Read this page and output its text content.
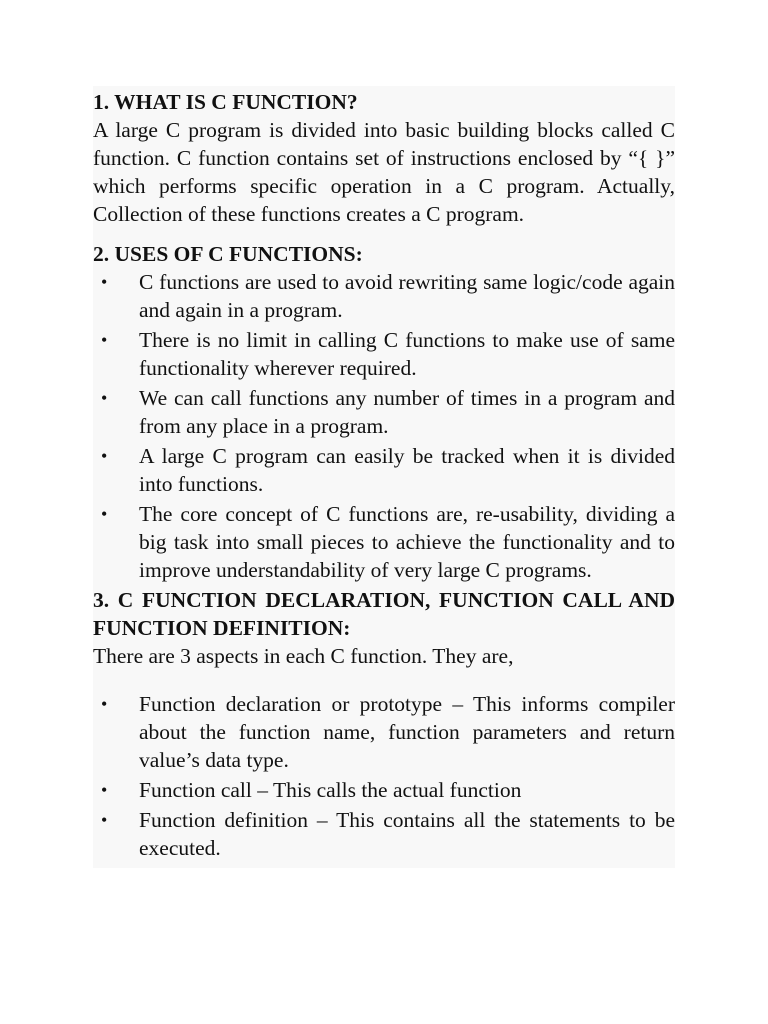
1. WHAT IS C FUNCTION?

A large C program is divided into basic building blocks called C function. C function contains set of instructions enclosed by “{ }” which performs specific operation in a C program. Actually, Collection of these functions creates a C program.

2. USES OF C FUNCTIONS:
•	C functions are used to avoid rewriting same logic/code again and again in a program.
•	There is no limit in calling C functions to make use of same functionality wherever required.
•	We can call functions any number of times in a program and from any place in a program.
•	A large C program can easily be tracked when it is divided into functions.
•	The core concept of C functions are, re-usability, dividing a big task into small pieces to achieve the functionality and to improve understandability of very large C programs.
3. C FUNCTION DECLARATION, FUNCTION CALL AND FUNCTION DEFINITION:

There are 3 aspects in each C function. They are,

•	Function declaration or prototype – This informs compiler about the function name, function parameters and return value’s data type.
•	Function call – This calls the actual function
•	Function definition – This contains all the statements to be executed.
